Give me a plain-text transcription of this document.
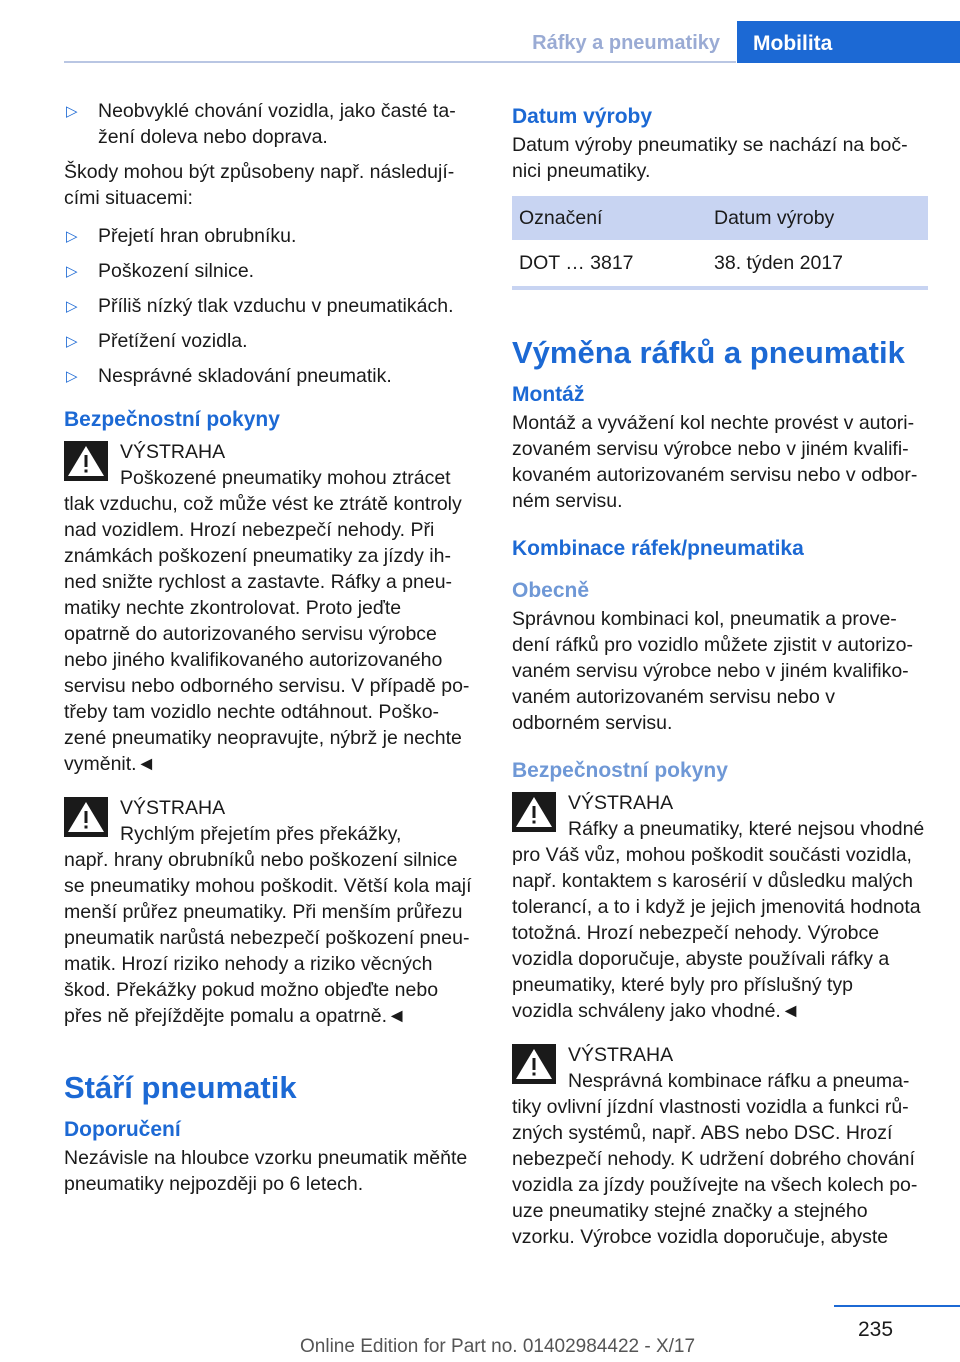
Ráfky a pneumatiky	Mobilita
▷ Neobvyklé chování vozidla, jako časté ta-
žení doleva nebo doprava.

Škody mohou být způsobeny např. následují-
cími situacemi:

▷ Přejetí hran obrubníku.
▷ Poškození silnice.
▷ Příliš nízký tlak vzduchu v pneumatikách.
▷ Přetížení vozidla.
▷ Nesprávné skladování pneumatik.
Bezpečnostní pokyny
VÝSTRAHA
Poškozené pneumatiky mohou ztrácet
tlak vzduchu, což může vést ke ztrátě kontroly
nad vozidlem. Hrozí nebezpečí nehody. Při
známkách poškození pneumatiky za jízdy ih-
ned snižte rychlost a zastavte. Ráfky a pneu-
matiky nechte zkontrolovat. Proto jeďte
opatrně do autorizovaného servisu výrobce
nebo jiného kvalifikovaného autorizovaného
servisu nebo odborného servisu. V případě po-
třeby tam vozidlo nechte odtáhnout. Poško-
zené pneumatiky neopravujte, nýbrž je nechte
vyměnit.◄
VÝSTRAHA
Rychlým přejetím přes překážky,
např. hrany obrubníků nebo poškození silnice
se pneumatiky mohou poškodit. Větší kola mají
menší průřez pneumatiky. Při menším průřezu
pneumatik narůstá nebezpečí poškození pneu-
matik. Hrozí riziko nehody a riziko věcných
škod. Překážky pokud možno objeďte nebo
přes ně přejíždějte pomalu a opatrně.◄
Stáří pneumatik
Doporučení

Nezávisle na hloubce vzorku pneumatik měňte
pneumatiky nejpozději po 6 letech.

Datum výroby

Datum výroby pneumatiky se nachází na boč-
nici pneumatiky.

Označení	Datum výroby
DOT … 3817	38. týden 2017
Výměna ráfků a pneumatik
Montáž

Montáž a vyvážení kol nechte provést v autori-
zovaném servisu výrobce nebo v jiném kvalifi-
kovaném autorizovaném servisu nebo v odbor-
ném servisu.

Kombinace ráfek/pneumatika
Obecně

Správnou kombinaci kol, pneumatik a prove-
dení ráfků pro vozidlo můžete zjistit v autorizo-
vaném servisu výrobce nebo v jiném kvalifiko-
vaném autorizovaném servisu nebo v
odborném servisu.

Bezpečnostní pokyny
VÝSTRAHA
Ráfky a pneumatiky, které nejsou vhodné
pro Váš vůz, mohou poškodit součásti vozidla,
např. kontaktem s karosérií v důsledku malých
tolerancí, a to i když je jejich jmenovitá hodnota
totožná. Hrozí nebezpečí nehody. Výrobce
vozidla doporučuje, abyste používali ráfky a
pneumatiky, které byly pro příslušný typ
vozidla schváleny jako vhodné.◄
VÝSTRAHA
Nesprávná kombinace ráfku a pneuma-
tiky ovlivní jízdní vlastnosti vozidla a funkci rů-
zných systémů, např. ABS nebo DSC. Hrozí
nebezpečí nehody. K udržení dobrého chování
vozidla za jízdy používejte na všech kolech po-
uze pneumatiky stejné značky a stejného
vzorku. Výrobce vozidla doporučuje, abyste
235
Online Edition for Part no. 01402984422 - X/17
